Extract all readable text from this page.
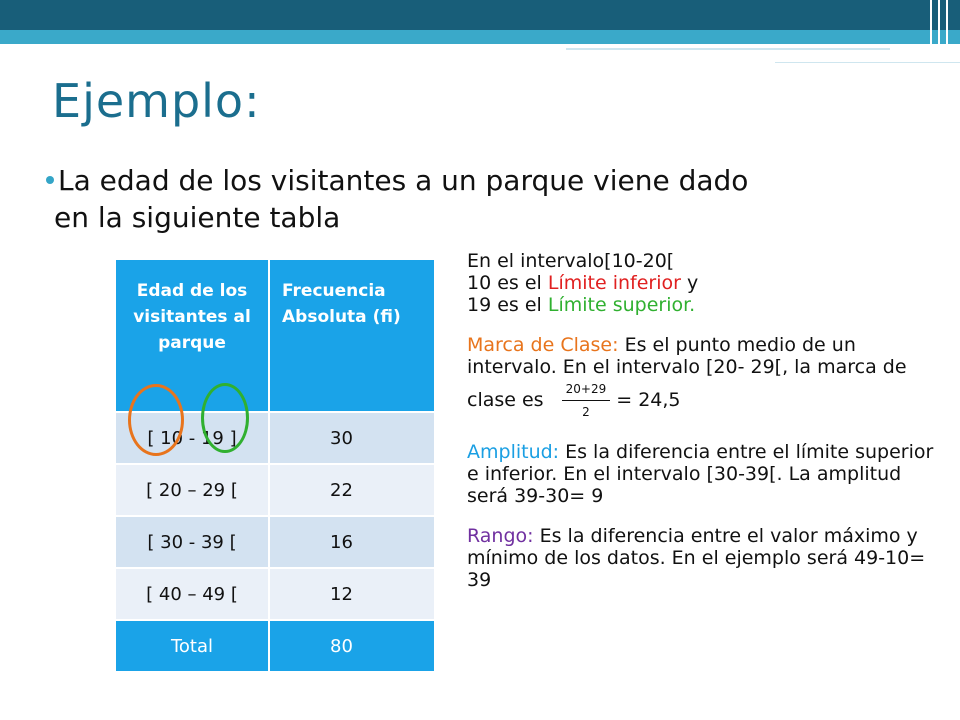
Ejemplo:
La edad de los visitantes a un parque viene dado
en la siguiente tabla
Edad de los visitantes al parque	Frecuencia Absoluta (fi)
[ 10 - 19 ]	30
[ 20 – 29 [	22
[ 30 - 39 [	16
[ 40 – 49 [	12
Total	80

En el intervalo[10-20[
10 es el Límite inferior y
19 es el Límite superior.

Marca de Clase: Es el punto medio de un intervalo. En el intervalo [20- 29[, la marca de clase es $\frac{20+29}{2} = 24,5$

Amplitud: Es la diferencia entre el límite superior e inferior. En el intervalo [30-39[. La amplitud será 39-30= 9

Rango: Es la diferencia entre el valor máximo y mínimo de los datos. En el ejemplo será 49-10= 39
